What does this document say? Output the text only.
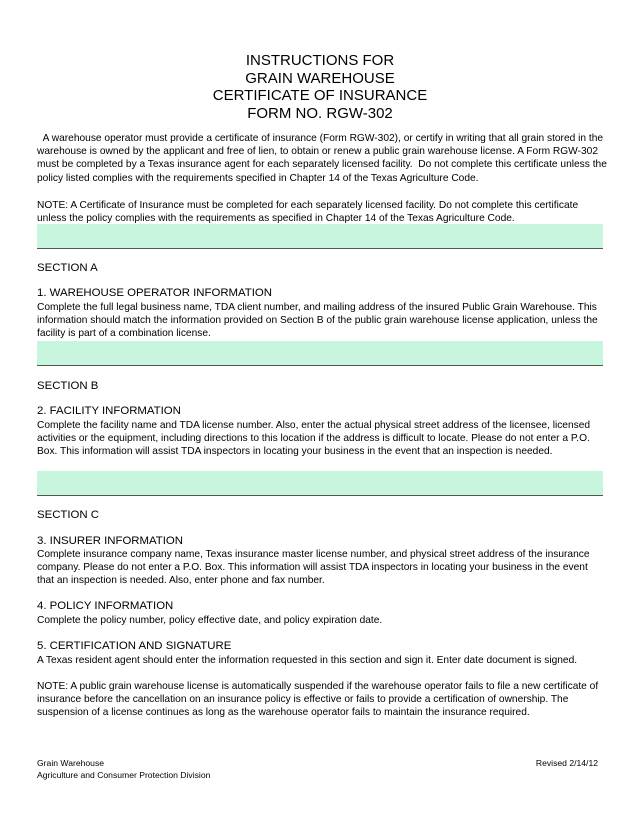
INSTRUCTIONS FOR
GRAIN WAREHOUSE
CERTIFICATE OF INSURANCE
FORM NO. RGW-302

A warehouse operator must provide a certificate of insurance (Form RGW-302), or certify in writing that all grain stored in the warehouse is owned by the applicant and free of lien, to obtain or renew a public grain warehouse license. A Form RGW-302 must be completed by a Texas insurance agent for each separately licensed facility.  Do not complete this certificate unless the policy listed complies with the requirements specified in Chapter 14 of the Texas Agriculture Code.

NOTE: A Certificate of Insurance must be completed for each separately licensed facility. Do not complete this certificate unless the policy complies with the requirements as specified in Chapter 14 of the Texas Agriculture Code.

SECTION A

1. WAREHOUSE OPERATOR INFORMATION

Complete the full legal business name, TDA client number, and mailing address of the insured Public Grain Warehouse. This information should match the information provided on Section B of the public grain warehouse license application, unless the facility is part of a combination license.

SECTION B

2. FACILITY INFORMATION

Complete the facility name and TDA license number. Also, enter the actual physical street address of the licensee, licensed activities or the equipment, including directions to this location if the address is difficult to locate. Please do not enter a P.O. Box. This information will assist TDA inspectors in locating your business in the event that an inspection is needed.

SECTION C

3. INSURER INFORMATION

Complete insurance company name, Texas insurance master license number, and physical street address of the insurance company. Please do not enter a P.O. Box. This information will assist TDA inspectors in locating your business in the event that an inspection is needed. Also, enter phone and fax number.

4. POLICY INFORMATION

Complete the policy number, policy effective date, and policy expiration date.

5. CERTIFICATION AND SIGNATURE

A Texas resident agent should enter the information requested in this section and sign it. Enter date document is signed.

NOTE: A public grain warehouse license is automatically suspended if the warehouse operator fails to file a new certificate of insurance before the cancellation on an insurance policy is effective or fails to provide a certification of ownership. The suspension of a license continues as long as the warehouse operator fails to maintain the insurance required.

Grain Warehouse
Agriculture and Consumer Protection Division
Revised 2/14/12
